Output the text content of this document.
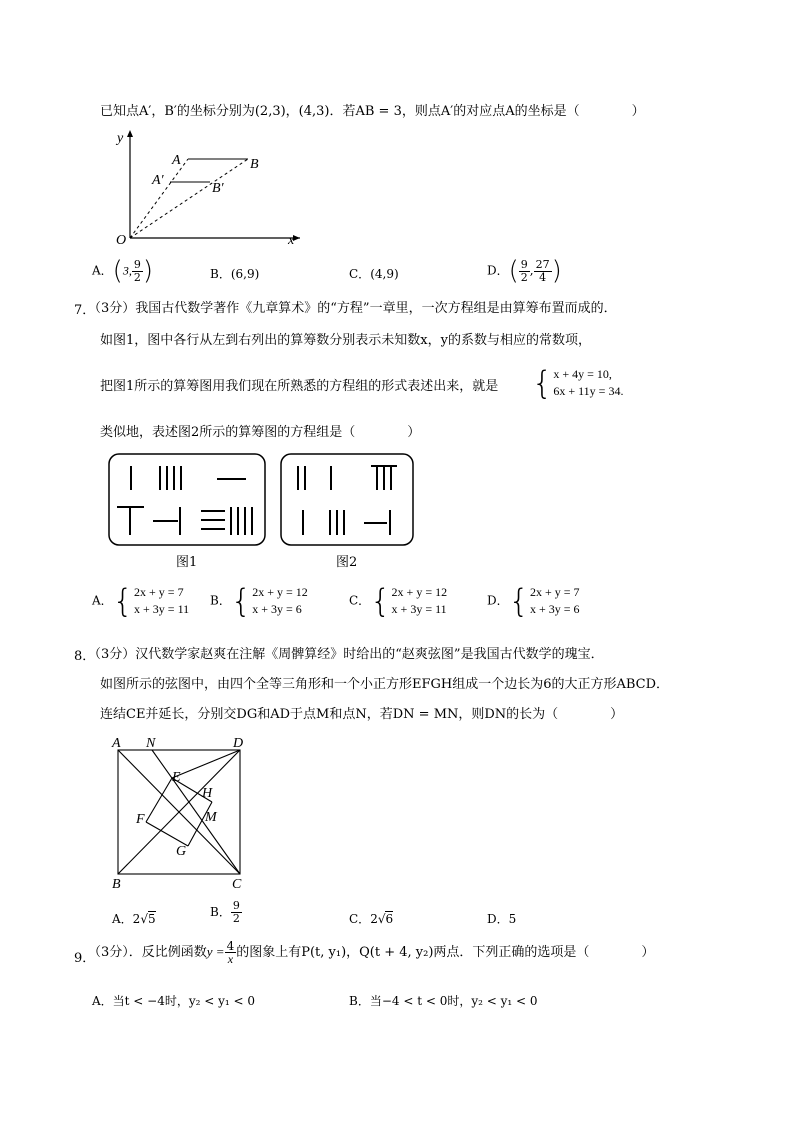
已知点A′，B′的坐标分别为(2,3)，(4,3)．若AB = 3，则点A′的对应点A的坐标是（　　　　）
y
x
O
A	B
A′
B′
A．(3, $\frac{9}{2}$ )	B．(6,9)	C．(4,9)	D．( $\frac{9}{2}$ , $\frac{27}{4}$ )
7．
（3分）我国古代数学著作《九章算术》的“方程”一章里，一次方程组是由算筹布置而成的．
如图1，图中各行从左到右列出的算筹数分别表示未知数x，y的系数与相应的常数项，
把图1所示的算筹图用我们现在所熟悉的方程组的形式表述出来，就是 { x + 4y = 10,
6x + 11y = 34.
类似地，表述图2所示的算筹图的方程组是（　　　　）
图1	图2
A． { 2x + y = 7
x + 3y = 11
B． { 2x + y = 12
x + 3y = 6
C． { 2x + y = 12
x + 3y = 11
D． { 2x + y = 7
x + 3y = 6
8．
（3分）汉代数学家赵爽在注解《周髀算经》时给出的“赵爽弦图”是我国古代数学的瑰宝．
如图所示的弦图中，由四个全等三角形和一个小正方形EFGH组成一个边长为6的大正方形ABCD．
连结CE并延长，分别交DG和AD于点M和点N，若DN = MN，则DN的长为（　　　　）
A N	D
E
H
F	M
G
B	C
A．2√5	B． $\frac{9}{2}$	C．2√6	D．5
9．
（3分）．反比例函数$y = \frac{4}{x}$ 的图象上有P(t, y₁)，Q(t + 4, y₂)两点．下列正确的选项是（　　　　）
A．当t < −4时，y₂ < y₁ < 0	B．当−4 < t < 0时，y₂ < y₁ < 0
